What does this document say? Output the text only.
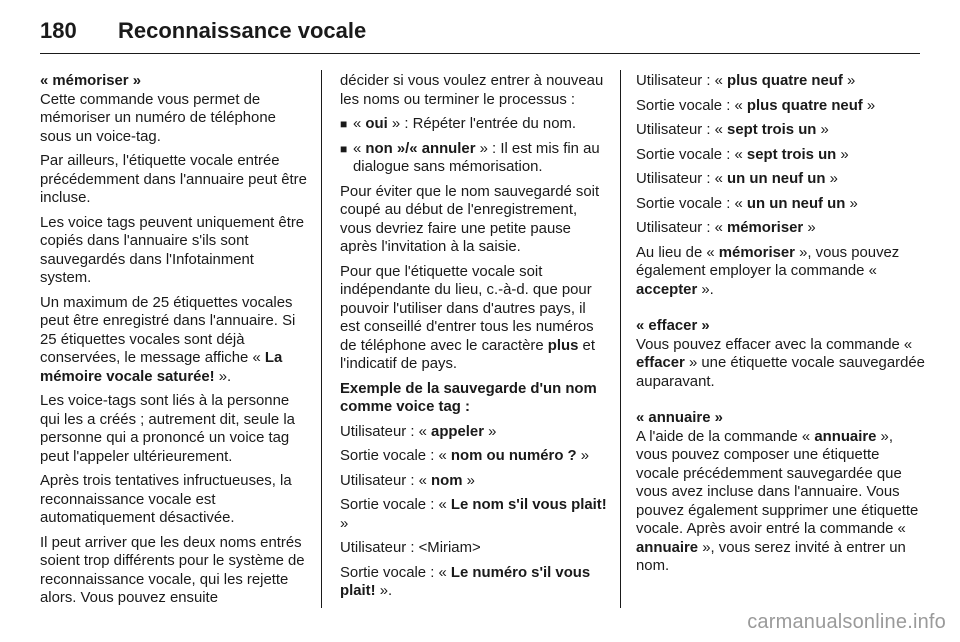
180 Reconnaissance vocale

« mémoriser »

Cette commande vous permet de mémoriser un numéro de téléphone sous un voice-tag.

Par ailleurs, l'étiquette vocale entrée précédemment dans l'annuaire peut être incluse.

Les voice tags peuvent uniquement être copiés dans l'annuaire s'ils sont sauvegardés dans l'Infotainment system.

Un maximum de 25 étiquettes vocales peut être enregistré dans l'annuaire. Si 25 étiquettes vocales sont déjà conservées, le message affiche « La mémoire vocale saturée! ».

Les voice-tags sont liés à la personne qui les a créés ; autrement dit, seule la personne qui a prononcé un voice tag peut l'appeler ultérieurement.

Après trois tentatives infructueuses, la reconnaissance vocale est automatiquement désactivée.

Il peut arriver que les deux noms entrés soient trop différents pour le système de reconnaissance vocale, qui les rejette alors. Vous pouvez ensuite

décider si vous voulez entrer à nouveau les noms ou terminer le processus :

■ « oui » : Répéter l'entrée du nom.
■ « non »/« annuler » : Il est mis fin au dialogue sans mémorisation.

Pour éviter que le nom sauvegardé soit coupé au début de l'enregistrement, vous devriez faire une petite pause après l'invitation à la saisie.

Pour que l'étiquette vocale soit indépendante du lieu, c.-à-d. que pour pouvoir l'utiliser dans d'autres pays, il est conseillé d'entrer tous les numéros de téléphone avec le caractère plus et l'indicatif de pays.

Exemple de la sauvegarde d'un nom comme voice tag :

Utilisateur : « appeler »

Sortie vocale : « nom ou numéro ? »

Utilisateur : « nom »

Sortie vocale : « Le nom s'il vous plait! »

Utilisateur : <Miriam>

Sortie vocale : « Le numéro s'il vous plait! ».

Utilisateur : « plus quatre neuf »

Sortie vocale : « plus quatre neuf »

Utilisateur : « sept trois un »

Sortie vocale : « sept trois un »

Utilisateur : « un un neuf un »

Sortie vocale : « un un neuf un »

Utilisateur : « mémoriser »

Au lieu de « mémoriser », vous pouvez également employer la commande « accepter ».

« effacer »

Vous pouvez effacer avec la commande « effacer » une étiquette vocale sauvegardée auparavant.

« annuaire »

A l'aide de la commande « annuaire », vous pouvez composer une étiquette vocale précédemment sauvegardée que vous avez incluse dans l'annuaire. Vous pouvez également supprimer une étiquette vocale. Après avoir entré la commande « annuaire », vous serez invité à entrer un nom.

carmanualsonline.info
